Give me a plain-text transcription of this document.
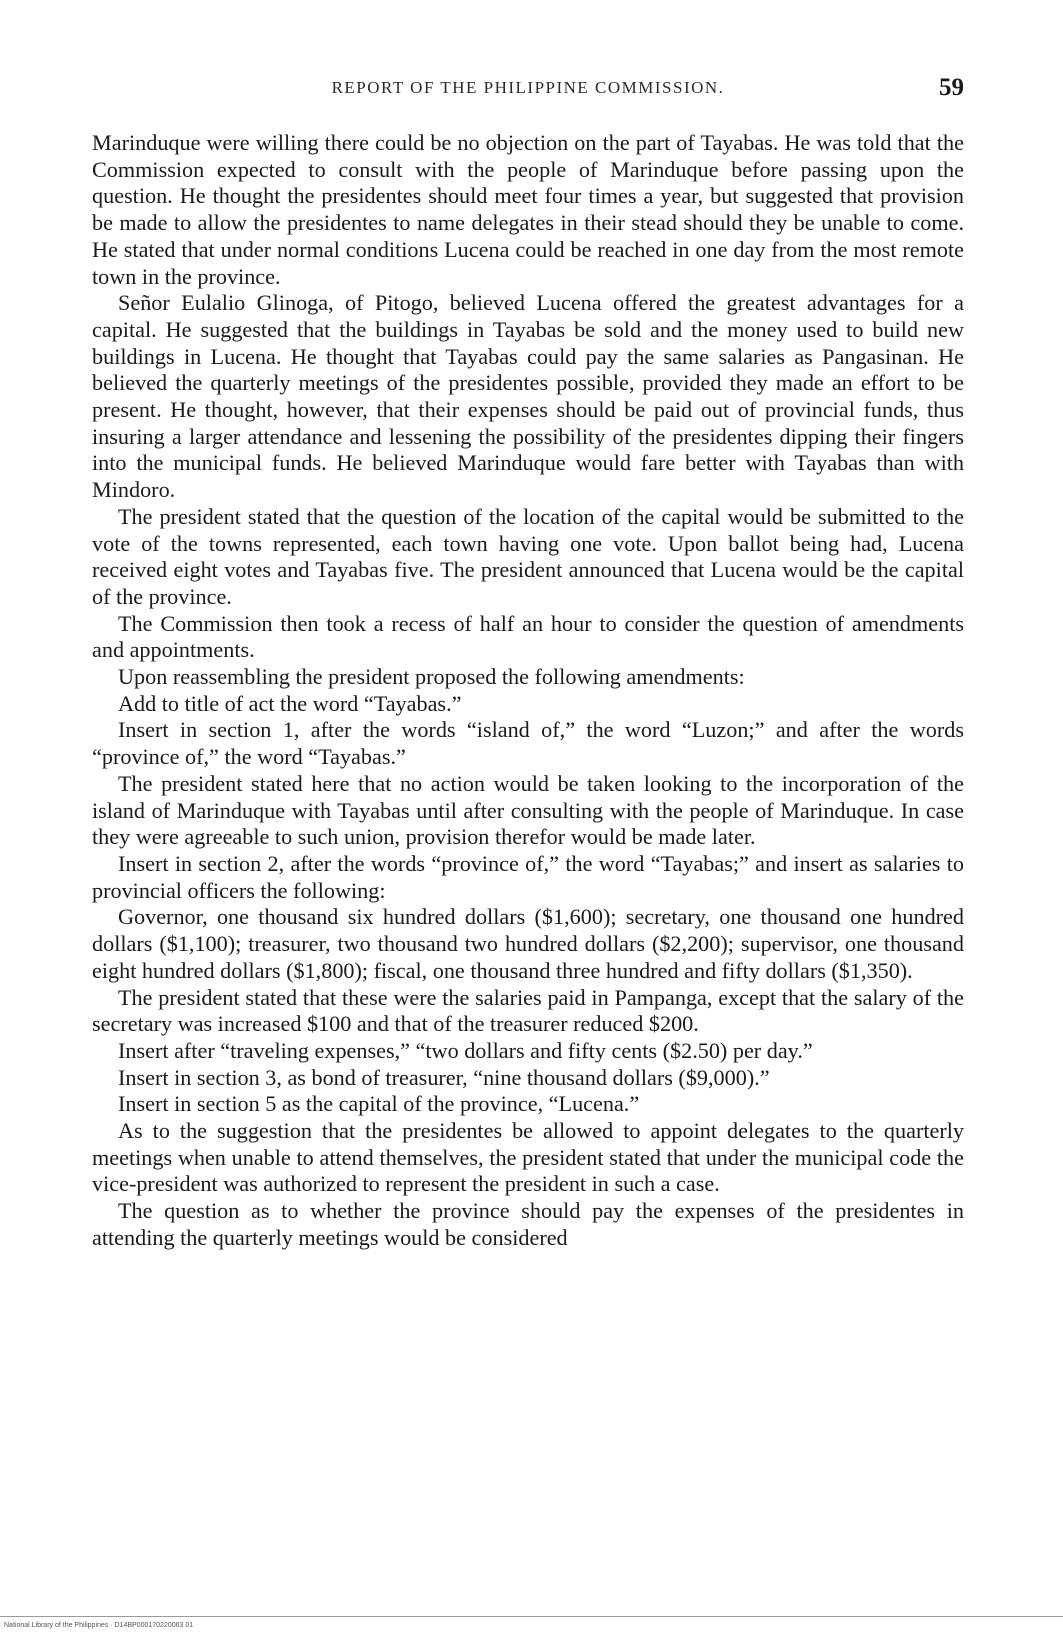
REPORT OF THE PHILIPPINE COMMISSION.	59

Marinduque were willing there could be no objection on the part of Tayabas. He was told that the Commission expected to consult with the people of Marinduque before passing upon the question. He thought the presidentes should meet four times a year, but suggested that provision be made to allow the presidentes to name delegates in their stead should they be unable to come. He stated that under normal conditions Lucena could be reached in one day from the most remote town in the province.

Señor Eulalio Glinoga, of Pitogo, believed Lucena offered the greatest advantages for a capital. He suggested that the buildings in Tayabas be sold and the money used to build new buildings in Lucena. He thought that Tayabas could pay the same salaries as Pangasinan. He believed the quarterly meetings of the presidentes possible, provided they made an effort to be present. He thought, however, that their expenses should be paid out of provincial funds, thus insuring a larger attendance and lessening the possibility of the presidentes dipping their fingers into the municipal funds. He believed Marinduque would fare better with Tayabas than with Mindoro.

The president stated that the question of the location of the capital would be submitted to the vote of the towns represented, each town having one vote. Upon ballot being had, Lucena received eight votes and Tayabas five. The president announced that Lucena would be the capital of the province.

The Commission then took a recess of half an hour to consider the question of amendments and appointments.

Upon reassembling the president proposed the following amendments:

Add to title of act the word “Tayabas.”

Insert in section 1, after the words “island of,” the word “Luzon;” and after the words “province of,” the word “Tayabas.”

The president stated here that no action would be taken looking to the incorporation of the island of Marinduque with Tayabas until after consulting with the people of Marinduque. In case they were agreeable to such union, provision therefor would be made later.

Insert in section 2, after the words “province of,” the word “Tayabas;” and insert as salaries to provincial officers the following:

Governor, one thousand six hundred dollars ($1,600); secretary, one thousand one hundred dollars ($1,100); treasurer, two thousand two hundred dollars ($2,200); supervisor, one thousand eight hundred dollars ($1,800); fiscal, one thousand three hundred and fifty dollars ($1,350).

The president stated that these were the salaries paid in Pampanga, except that the salary of the secretary was increased $100 and that of the treasurer reduced $200.

Insert after “traveling expenses,” “two dollars and fifty cents ($2.50) per day.”

Insert in section 3, as bond of treasurer, “nine thousand dollars ($9,000).”

Insert in section 5 as the capital of the province, “Lucena.”

As to the suggestion that the presidentes be allowed to appoint delegates to the quarterly meetings when unable to attend themselves, the president stated that under the municipal code the vice-president was authorized to represent the president in such a case.

The question as to whether the province should pay the expenses of the presidentes in attending the quarterly meetings would be considered

National Library of the Philippines · D14BP000170220063 01
